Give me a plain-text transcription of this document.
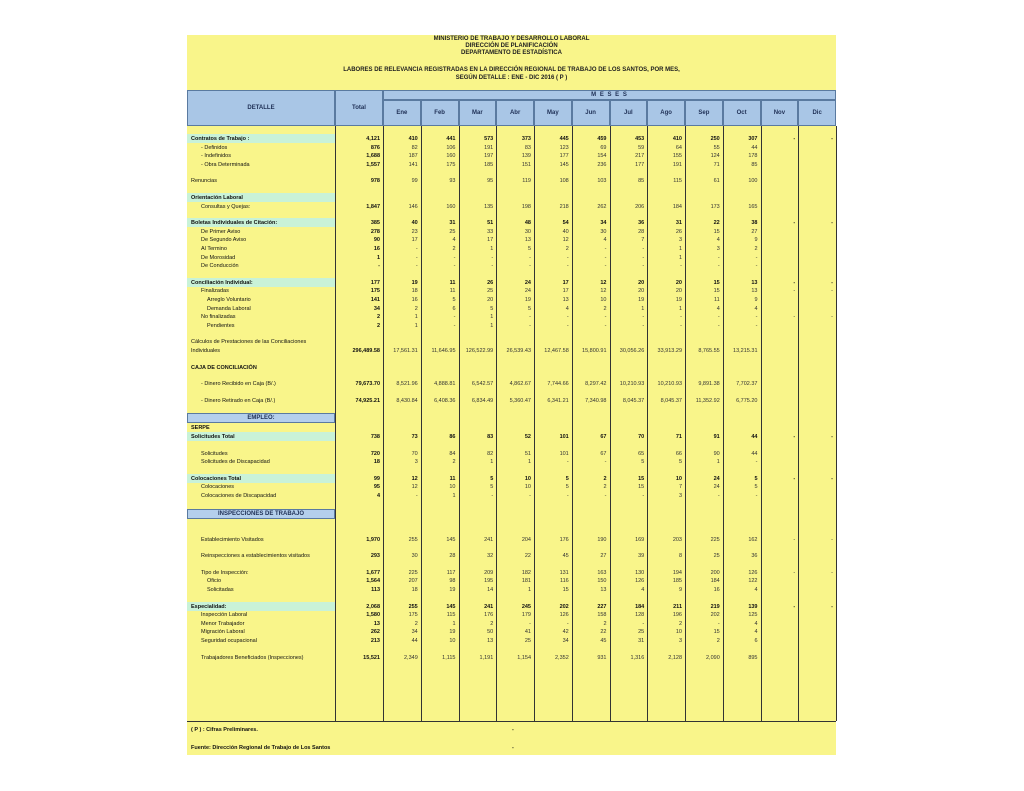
MINISTERIO DE TRABAJO Y DESARROLLO LABORAL
DIRECCIÓN DE PLANIFICACIÓN
DEPARTAMENTO DE ESTADÍSTICA
LABORES DE RELEVANCIA REGISTRADAS EN LA DIRECCIÓN REGIONAL DE TRABAJO DE LOS SANTOS, POR MES,
SEGÚN DETALLE : ENE - DIC 2016 ( P )
DETALLE	Total
M E S E S
Ene	Feb	Mar	Abr	May	Jun	Jul	Ago	Sep	Oct	Nov	Dic
Contratos de Trabajo :	4,121	410	441	573	373	445	459	453	410	250	307	-	-
- Definidos	876	82	106	191	83	123	69	59	64	55	44
- Indefinidos	1,688	187	160	197	139	177	154	217	155	124	178
- Obra Determinada	1,557	141	175	185	151	145	236	177	191	71	85
Renuncias	978	99	93	95	119	108	103	85	115	61	100
Orientación Laboral
Consultas y Quejas:	1,847	146	160	135	198	218	262	206	184	173	165
Boletas Individuales de Citación:	385	40	31	51	48	54	34	36	31	22	38	-	-
De Primer Aviso	278	23	25	33	30	40	30	28	26	15	27
De Segundo Aviso	90	17	4	17	13	12	4	7	3	4	9
Al Termino	16	-	2	1	5	2	-	-	1	3	2
De Morosidad	1	-	-	-	-	-	-	-	1	-	-
De Conducción	-	-	-	-	-	-	-	-	-	-	-
Conciliación Individual:	177	19	11	26	24	17	12	20	20	15	13	-	-
Finalizadas	175	18	11	25	24	17	12	20	20	15	13	-	-
Arreglo Voluntario	141	16	5	20	19	13	10	19	19	11	9
Demanda Laboral	34	2	6	5	5	4	2	1	1	4	4
No finalizadas	2	1	-	1	-	-	-	-	-	-	-	-	-
Pendientes	2	1	-	1	-	-	-	-	-	-	-
Cálculos de Prestaciones de las Conciliaciones
Individuales	296,489.58 17,561.31 11,646.95 126,522.99 26,539.43 12,467.58 15,800.91 30,056.26 33,913.29	8,765.55 13,215.31
CAJA DE CONCILIACIÓN
- Dinero Recibido en Caja (B/.)	79,673.70	8,521.96	4,888.81	6,542.57	4,862.67	7,744.66	8,297.42 10,210.93 10,210.93	9,891.38	7,702.37
- Dinero Retirado en Caja (B/.)	74,925.21	8,430.84	6,408.36	6,834.49	5,360.47	6,341.21	7,340.98	8,045.37	8,045.37 11,352.92	6,775.20
EMPLEO:
SERPE
Solicitudes Total	738	73	86	83	52	101	67	70	71	91	44	-	-
Solicitudes	720	70	84	82	51	101	67	65	66	90	44
Solicitudes de Discapacidad	18	3	2	1	1	-	-	5	5	1	-
Colocaciones Total	99	12	11	5	10	5	2	15	10	24	5	-	-
Colocaciones	95	12	10	5	10	5	2	15	7	24	5
Colocaciones de Discapacidad	4	-	1	-	-	-	-	-	3	-	-
INSPECCIONES DE TRABAJO
Establecimiento Visitados	1,970	255	145	241	204	176	190	169	203	225	162	-	-
Reinspecciones a establecimientos visitados	293	30	28	32	22	45	27	39	8	25	36
Tipo de Inspección:	1,677	225	117	209	182	131	163	130	194	200	126	-	-
Oficio	1,564	207	98	195	181	116	150	126	185	184	122
Solicitadas	113	18	19	14	1	15	13	4	9	16	4
Especialidad:	2,068	255	145	241	245	202	227	184	211	219	139	-	-
Inspección Laboral	1,580	175	115	176	179	126	158	128	196	202	125
Menor Trabajador	13	2	1	2	-	-	2	-	2	-	4
Migración Laboral	262	34	19	50	41	42	22	25	10	15	4
Seguridad ocupacional	213	44	10	13	25	34	45	31	3	2	6
Trabajadores Beneficiados (Inspecciones)	15,521	2,349	1,115	1,191	1,154	2,352	931	1,316	2,128	2,090	895
( P ) : Cifras Preliminares.
Fuente: Dirección Regional de Trabajo de Los Santos
-
-
